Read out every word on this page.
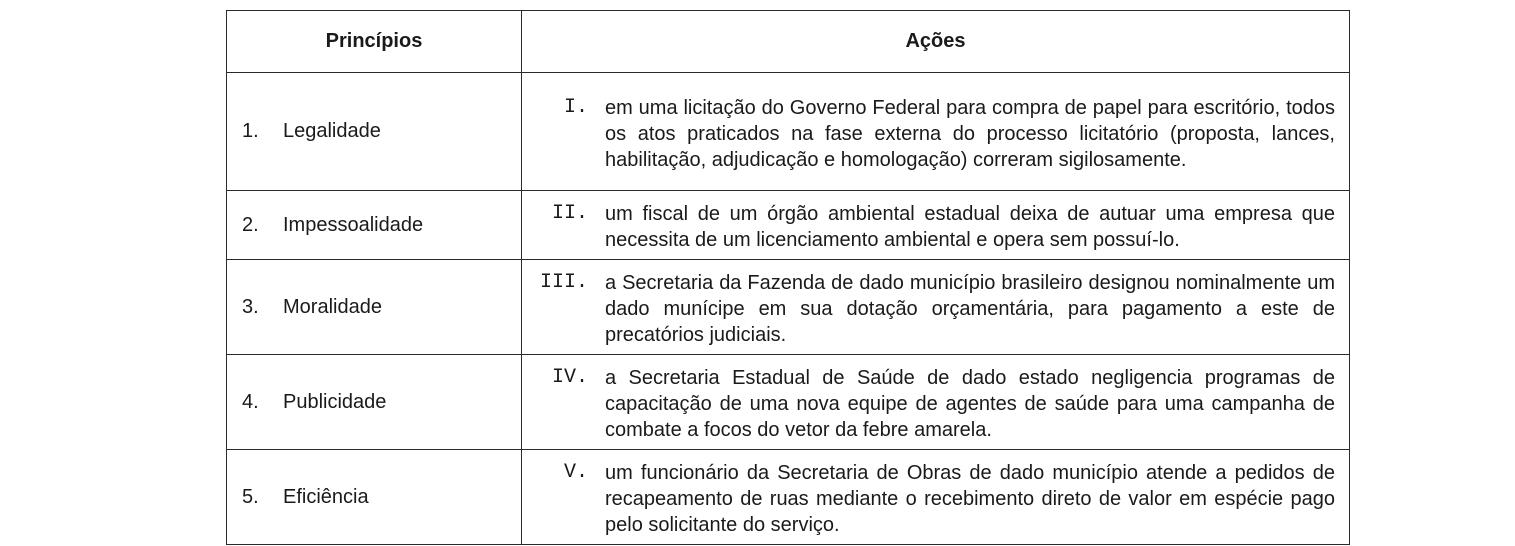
Princípios	Ações

1. Legalidade	I. em uma licitação do Governo Federal para compra de papel para escritório, todos os atos praticados na fase externa do processo licitatório (proposta, lances, habilitação, adjudicação e homologação) correram sigilosamente.

2. Impessoalidade	II. um fiscal de um órgão ambiental estadual deixa de autuar uma empresa que necessita de um licenciamento ambiental e opera sem possuí-lo.

3. Moralidade	III. a Secretaria da Fazenda de dado município brasileiro designou nominalmente um dado munícipe em sua dotação orçamentária, para pagamento a este de precatórios judiciais.

4. Publicidade	IV. a Secretaria Estadual de Saúde de dado estado negligencia programas de capacitação de uma nova equipe de agentes de saúde para uma campanha de combate a focos do vetor da febre amarela.

5. Eficiência	V. um funcionário da Secretaria de Obras de dado município atende a pedidos de recapeamento de ruas mediante o recebimento direto de valor em espécie pago pelo solicitante do serviço.
